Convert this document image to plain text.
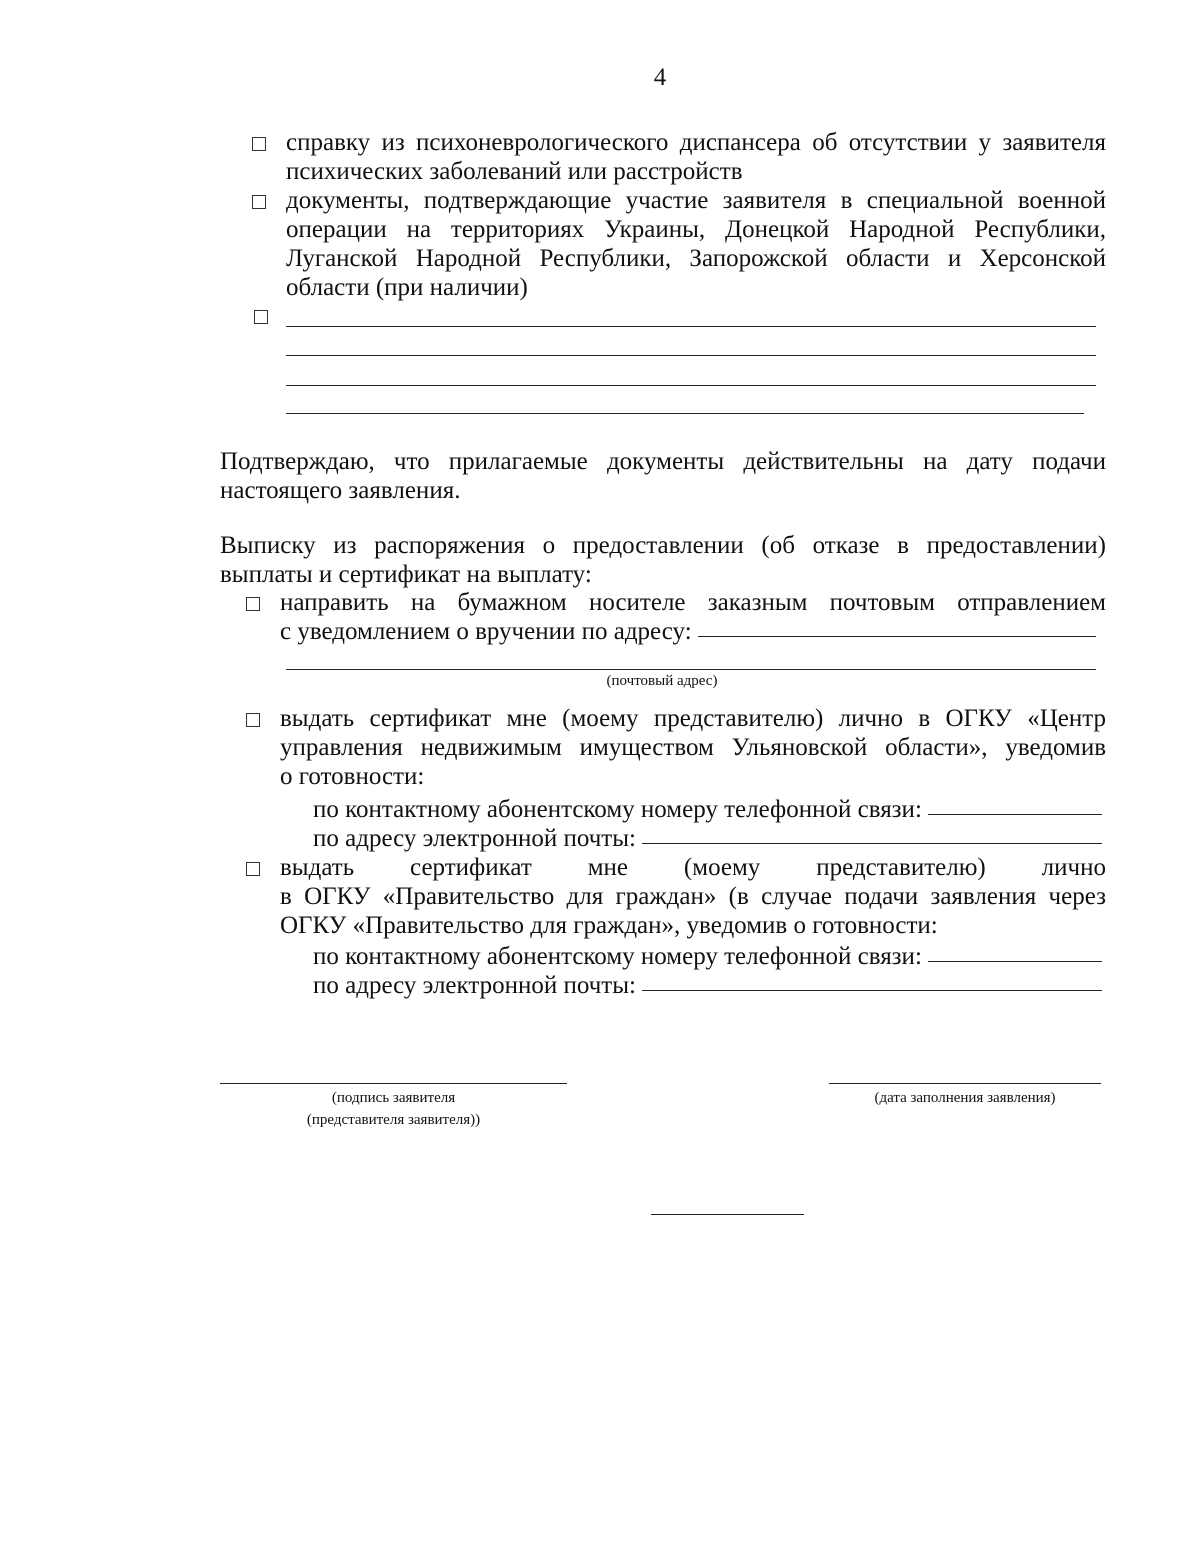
4
справку из психоневрологического диспансера об отсутствии у заявителя
психических заболеваний или расстройств
документы, подтверждающие участие заявителя в специальной военной
операции на территориях Украины, Донецкой Народной Республики,
Луганской Народной Республики, Запорожской области и Херсонской
области (при наличии)
Подтверждаю, что прилагаемые документы действительны на дату подачи
настоящего заявления.
Выписку из распоряжения о предоставлении (об отказе в предоставлении)
выплаты и сертификат на выплату:
направить на бумажном носителе заказным почтовым отправлением
с уведомлением о вручении по адресу:
(почтовый адрес)
выдать сертификат мне (моему представителю) лично в ОГКУ «Центр
управления недвижимым имуществом Ульяновской области», уведомив
о готовности:
по контактному абонентскому номеру телефонной связи:
по адресу электронной почты:
выдать сертификат мне (моему представителю) лично
в ОГКУ «Правительство для граждан» (в случае подачи заявления через
ОГКУ «Правительство для граждан», уведомив о готовности:
по контактному абонентскому номеру телефонной связи:
по адресу электронной почты:
(подпись заявителя
(представителя заявителя))
(дата заполнения заявления)
